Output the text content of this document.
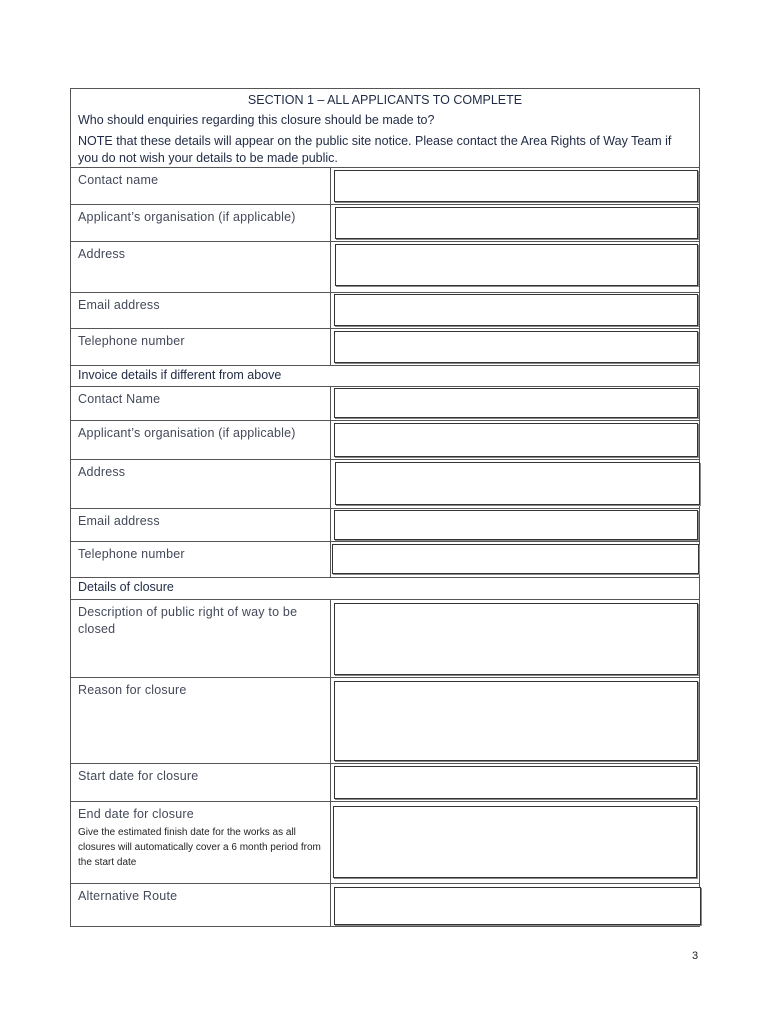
SECTION 1 – ALL APPLICANTS TO COMPLETE
Who should enquiries regarding this closure should be made to?
NOTE that these details will appear on the public site notice. Please contact the Area Rights of Way Team if you do not wish your details to be made public.
Contact name
Applicant’s organisation (if applicable)
Address
Email address
Telephone number
Invoice details if different from above
Contact Name
Applicant’s organisation (if applicable)
Address
Email address
Telephone number
Details of closure
Description of public right of way to be closed
Reason for closure
Start date for closure
End date for closure
Give the estimated finish date for the works as all closures will automatically cover a 6 month period from the start date
Alternative Route
3
